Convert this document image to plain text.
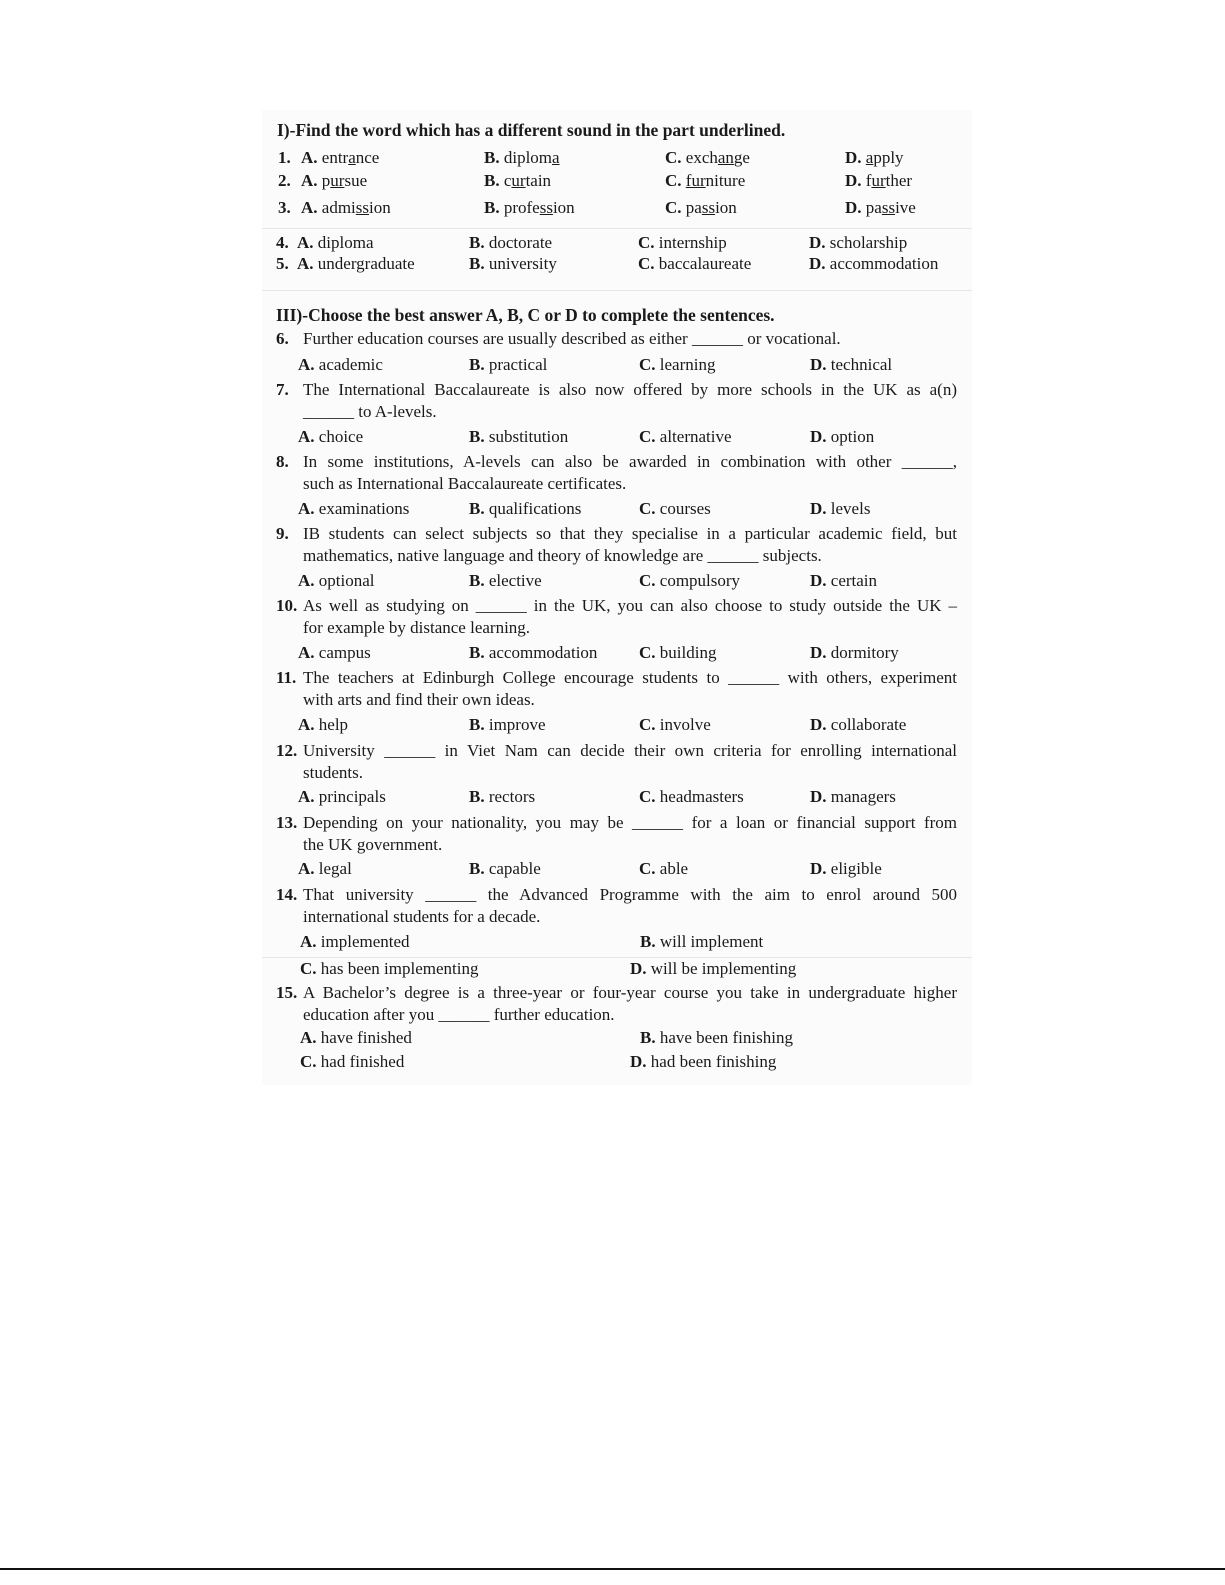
I)-Find the word which has a different sound in the part underlined.
1. A. entrance	B. diploma	C. exchange	D. apply
2. A. pursue	B. curtain	C. furniture	D. further
3. A. admission	B. profession	C. passion	D. passive
4. A. diploma	B. doctorate	C. internship	D. scholarship
5. A. undergraduate	B. university	C. baccalaureate	D. accommodation
III)-Choose the best answer A, B, C or D to complete the sentences.
6. Further education courses are usually described as either ______ or vocational.
A. academic	B. practical	C. learning	D. technical
7. The International Baccalaureate is also now offered by more schools in the UK as a(n)
______ to A-levels.
A. choice	B. substitution	C. alternative	D. option
8. In some institutions, A-levels can also be awarded in combination with other ______,
such as International Baccalaureate certificates.
A. examinations	B. qualifications	C. courses	D. levels
9. IB students can select subjects so that they specialise in a particular academic field, but
mathematics, native language and theory of knowledge are ______ subjects.
A. optional	B. elective	C. compulsory	D. certain
10. As well as studying on ______ in the UK, you can also choose to study outside the UK –
for example by distance learning.
A. campus	B. accommodation C. building	D. dormitory
11. The teachers at Edinburgh College encourage students to ______ with others, experiment
with arts and find their own ideas.
A. help	B. improve	C. involve	D. collaborate
12. University ______ in Viet Nam can decide their own criteria for enrolling international
students.
A. principals	B. rectors	C. headmasters	D. managers
13. Depending on your nationality, you may be ______ for a loan or financial support from
the UK government.
A. legal	B. capable	C. able	D. eligible
14. That university ______ the Advanced Programme with the aim to enrol around 500
international students for a decade.
A. implemented	B. will implement
C. has been implementing	D. will be implementing
15. A Bachelor’s degree is a three-year or four-year course you take in undergraduate higher
education after you ______ further education.
A. have finished	B. have been finishing
C. had finished	D. had been finishing
